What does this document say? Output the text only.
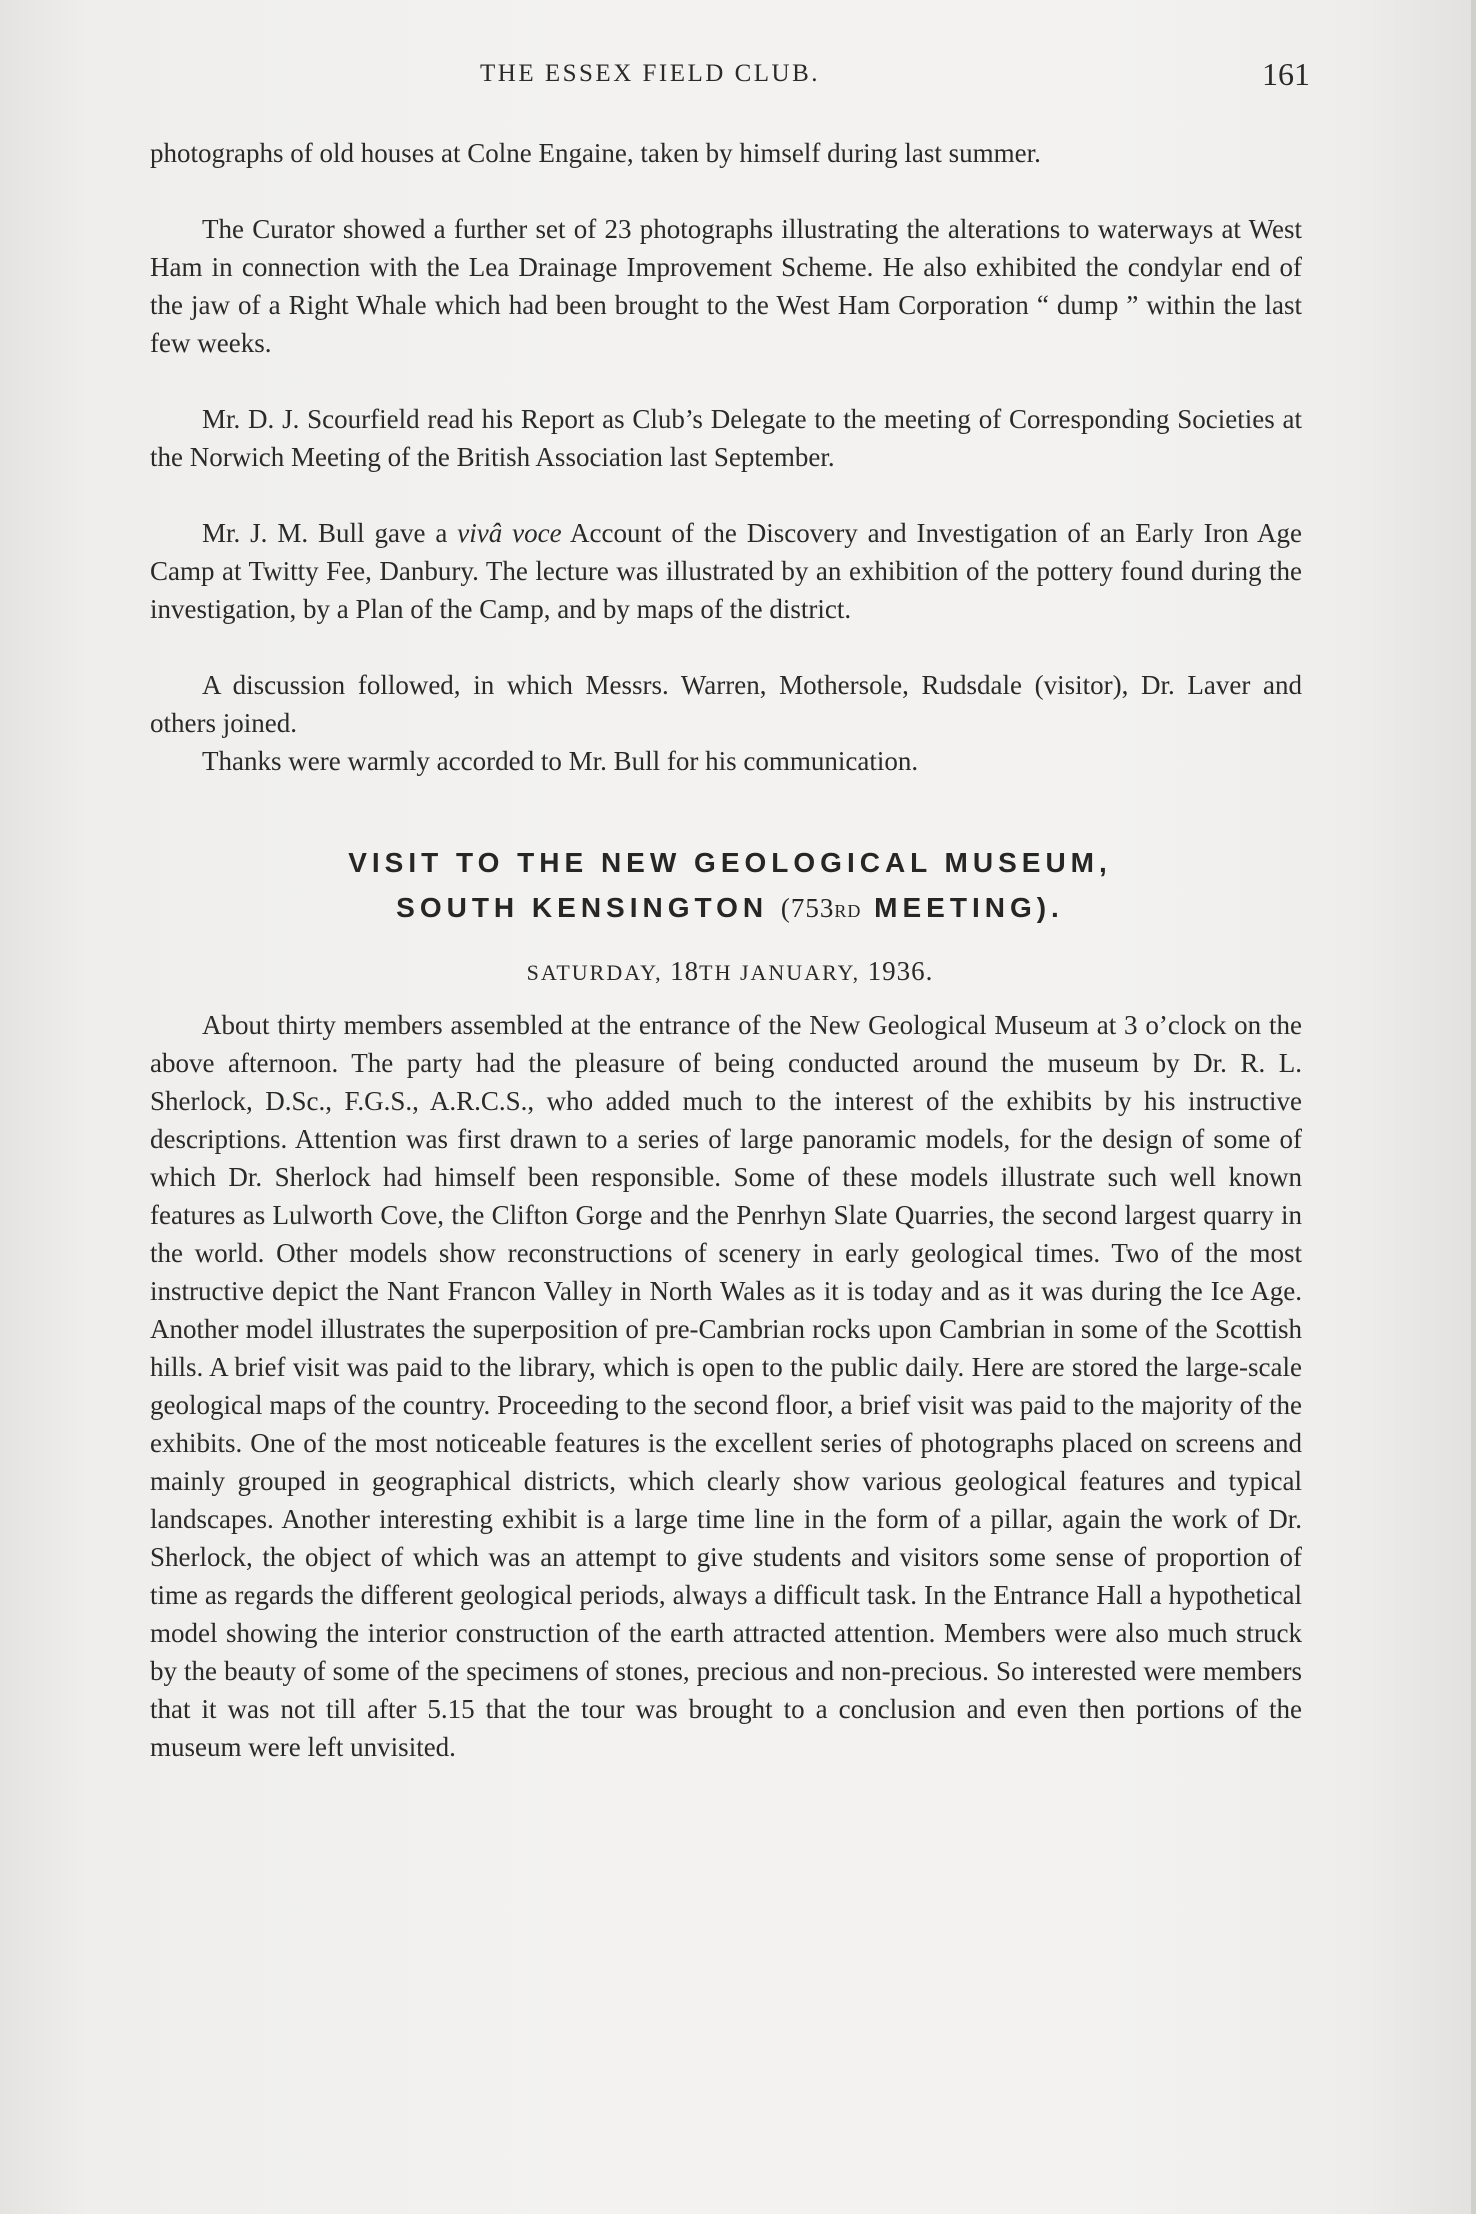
THE ESSEX FIELD CLUB.	161

photographs of old houses at Colne Engaine, taken by himself during last summer.

The Curator showed a further set of 23 photographs illustrating the alterations to waterways at West Ham in connection with the Lea Drainage Improvement Scheme. He also exhibited the condylar end of the jaw of a Right Whale which had been brought to the West Ham Corporation “ dump ” within the last few weeks.

Mr. D. J. Scourfield read his Report as Club’s Delegate to the meeting of Corresponding Societies at the Norwich Meeting of the British Association last September.

Mr. J. M. Bull gave a vivâ voce Account of the Discovery and Investigation of an Early Iron Age Camp at Twitty Fee, Danbury. The lecture was illustrated by an exhibition of the pottery found during the investigation, by a Plan of the Camp, and by maps of the district.

A discussion followed, in which Messrs. Warren, Mothersole, Rudsdale (visitor), Dr. Laver and others joined.

Thanks were warmly accorded to Mr. Bull for his communication.

VISIT TO THE NEW GEOLOGICAL MUSEUM,
SOUTH KENSINGTON (753RD MEETING).
SATURDAY, 18TH JANUARY, 1936.

About thirty members assembled at the entrance of the New Geological Museum at 3 o’clock on the above afternoon. The party had the pleasure of being conducted around the museum by Dr. R. L. Sherlock, D.Sc., F.G.S., A.R.C.S., who added much to the interest of the exhibits by his instructive descriptions. Attention was first drawn to a series of large panoramic models, for the design of some of which Dr. Sherlock had himself been responsible. Some of these models illustrate such well known features as Lulworth Cove, the Clifton Gorge and the Penrhyn Slate Quarries, the second largest quarry in the world. Other models show reconstructions of scenery in early geological times. Two of the most instructive depict the Nant Francon Valley in North Wales as it is today and as it was during the Ice Age. Another model illustrates the superposition of pre-Cambrian rocks upon Cambrian in some of the Scottish hills. A brief visit was paid to the library, which is open to the public daily. Here are stored the large-scale geological maps of the country. Proceeding to the second floor, a brief visit was paid to the majority of the exhibits. One of the most noticeable features is the excellent series of photographs placed on screens and mainly grouped in geographical districts, which clearly show various geological features and typical landscapes. Another interesting exhibit is a large time line in the form of a pillar, again the work of Dr. Sherlock, the object of which was an attempt to give students and visitors some sense of proportion of time as regards the different geological periods, always a difficult task. In the Entrance Hall a hypothetical model showing the interior construction of the earth attracted attention. Members were also much struck by the beauty of some of the specimens of stones, precious and non-precious. So interested were members that it was not till after 5.15 that the tour was brought to a conclusion and even then portions of the museum were left unvisited.
